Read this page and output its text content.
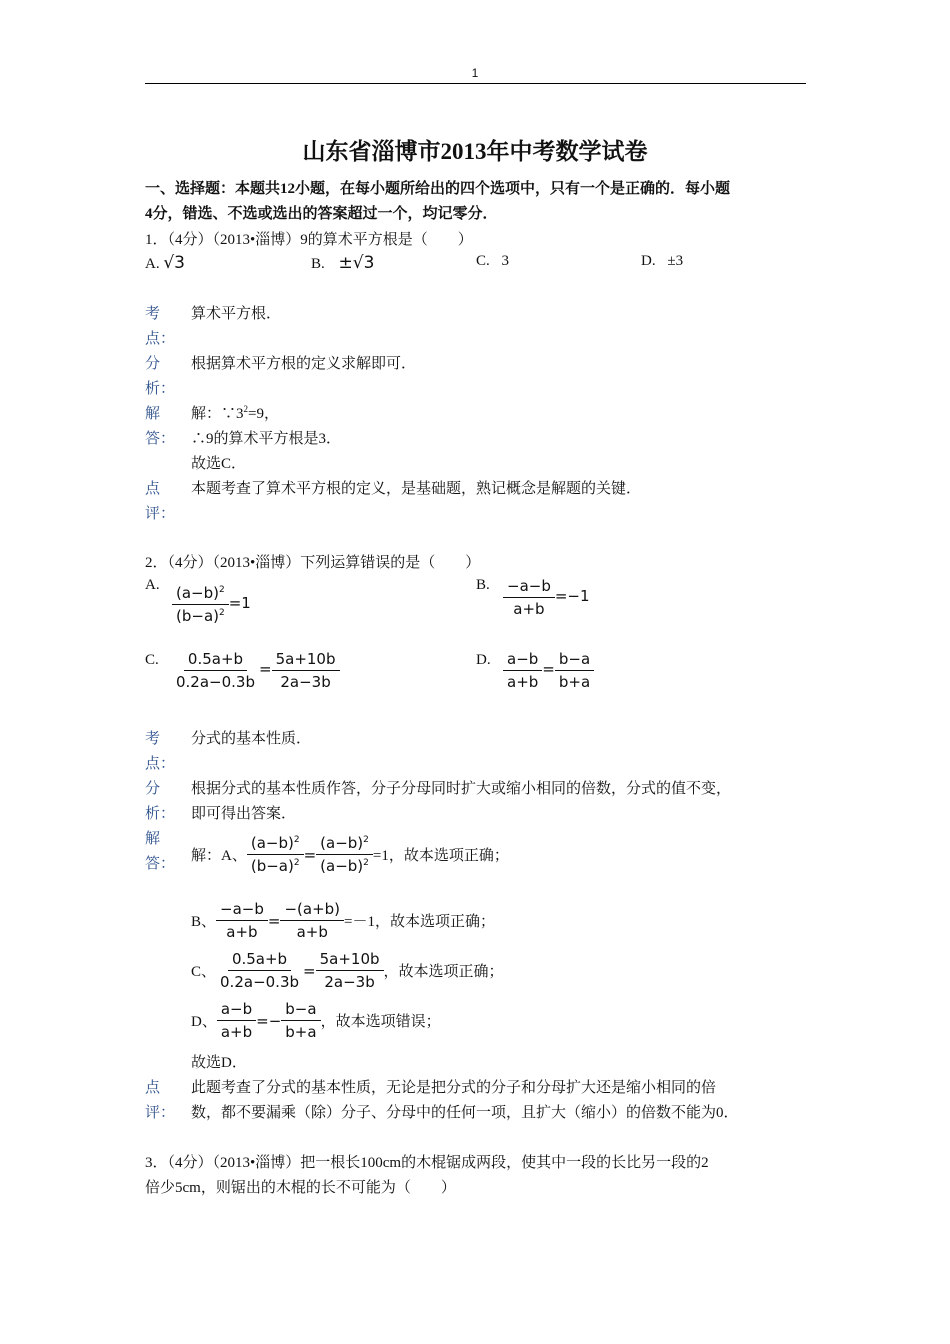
1
山东省淄博市2013年中考数学试卷
一、选择题：本题共12小题，在每小题所给出的四个选项中，只有一个是正确的．每小题
4分，错选、不选或选出的答案超过一个，均记零分．
1．（4分）（2013•淄博）9的算术平方根是（　　）
A. √3	B. ±√3	C. 3	D. ±3
考
点：
算术平方根．
分
析：
根据算术平方根的定义求解即可．
解
答：
解：$\because 3^2=9$，
∴9的算术平方根是3．
故选C．
点
评：
本题考查了算术平方根的定义，是基础题，熟记概念是解题的关键．
2．（4分）（2013•淄博）下列运算错误的是（　　）
A. $\frac{(a-b)^2}{(b-a)^2} =1$
B. $\frac{-a-b}{a+b} =-1$
C. $\frac{0.5a+b}{0.2a-0.3b} = \frac{5a+10b}{2a-3b}$	D. $\frac{a-b}{a+b} = \frac{b-a}{b+a}$
考
点：
分式的基本性质．
分
析：
根据分式的基本性质作答，分子分母同时扩大或缩小相同的倍数，分式的值不变，
即可得出答案．
解
答： 解：A、 $\frac{(a-b)^2}{(b-a)^2} = \frac{(a-b)^2}{(a-b)^2} =1$，故本选项正确；
B、 $\frac{-a-b}{a+b} = \frac{-(a+b)}{a+b} =-1$，故本选项正确；
C、 $\frac{0.5a+b}{0.2a-0.3b} = \frac{5a+10b}{2a-3b}$ ，故本选项正确；
D、 $\frac{a-b}{a+b} =- \frac{b-a}{b+a}$ ，故本选项错误；
故选D．
点
评：
此题考查了分式的基本性质，无论是把分式的分子和分母扩大还是缩小相同的倍
数，都不要漏乘（除）分子、分母中的任何一项，且扩大（缩小）的倍数不能为0．
3．（4分）（2013•淄博）把一根长100cm的木棍锯成两段，使其中一段的长比另一段的2
倍少5cm，则锯出的木棍的长不可能为（　　）
